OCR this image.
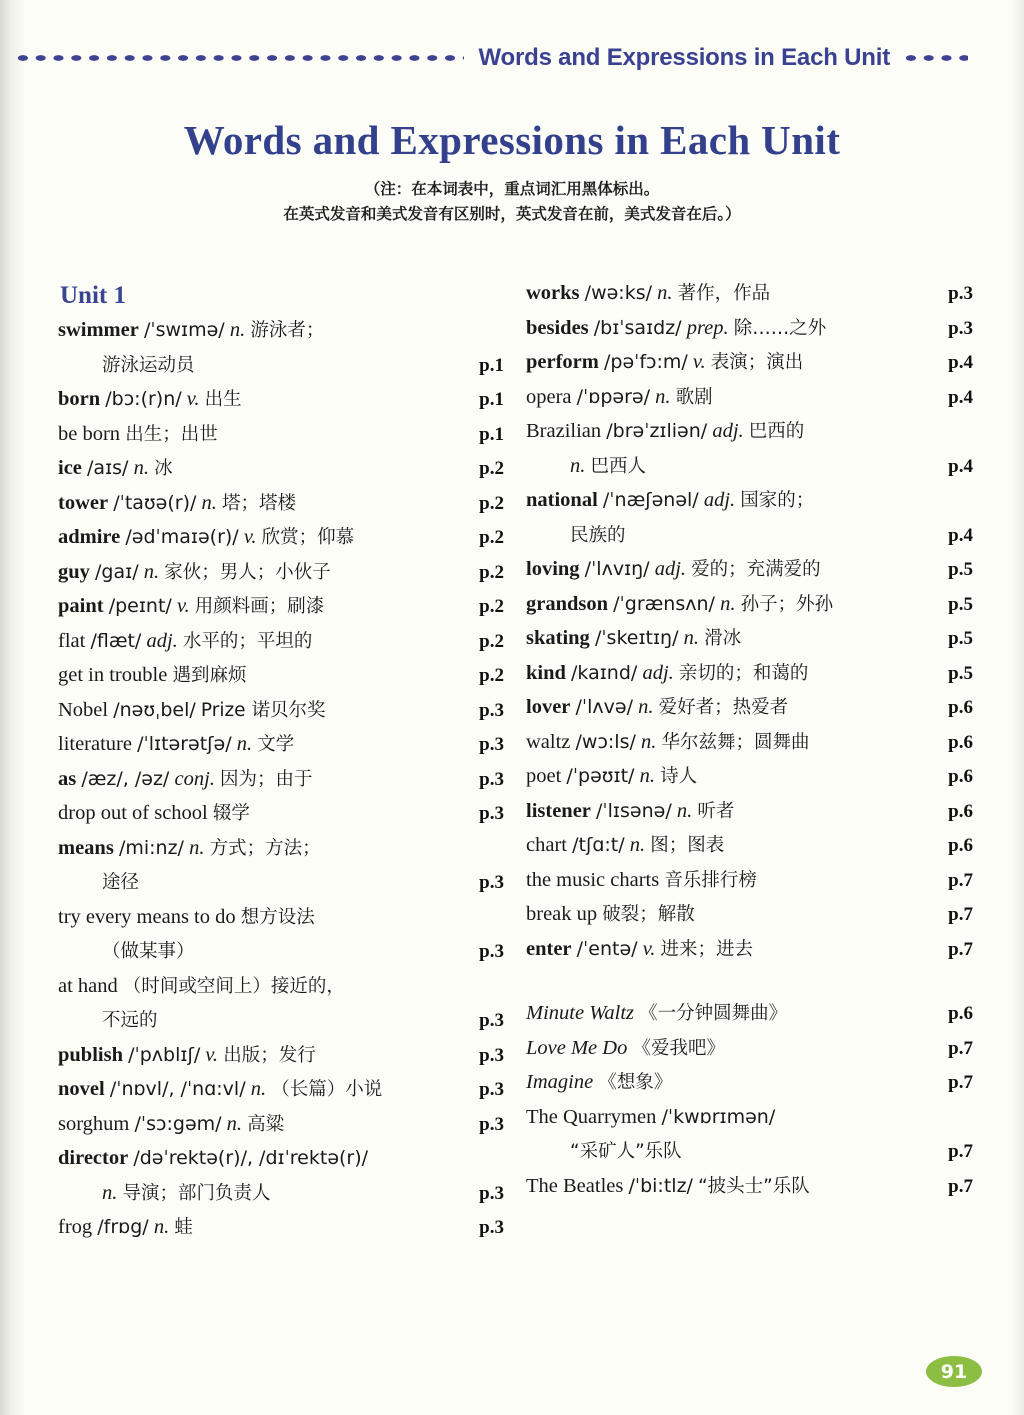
Words and Expressions in Each Unit
Words and Expressions in Each Unit
（注：在本词表中，重点词汇用黑体标出。
在英式发音和美式发音有区别时，英式发音在前，美式发音在后。）
Unit 1
swimmer /ˈswɪmə/ n. 游泳者；
游泳运动员	p.1
born /bɔ:(r)n/ v. 出生	p.1
be born 出生；出世	p.1
ice /aɪs/ n. 冰	p.2
tower /ˈtaʊə(r)/ n. 塔；塔楼	p.2
admire /ədˈmaɪə(r)/ v. 欣赏；仰慕	p.2
guy /gaɪ/ n. 家伙；男人；小伙子	p.2
paint /peɪnt/ v. 用颜料画；刷漆	p.2
flat /flæt/ adj. 水平的；平坦的	p.2
get in trouble 遇到麻烦	p.2
Nobel /nəʊˌbel/ Prize 诺贝尔奖	p.3
literature /ˈlɪtərətʃə/ n. 文学	p.3
as /æz/, /əz/ conj. 因为；由于	p.3
drop out of school 辍学	p.3
means /mi:nz/ n. 方式；方法；
途径	p.3
try every means to do 想方设法
（做某事）	p.3
at hand （时间或空间上）接近的，
不远的	p.3
publish /ˈpʌblɪʃ/ v. 出版；发行	p.3
novel /ˈnɒvl/, /ˈnɑ:vl/ n. （长篇）小说	p.3
sorghum /ˈsɔ:gəm/ n. 高粱	p.3
director /dəˈrektə(r)/, /dɪˈrektə(r)/
n. 导演；部门负责人	p.3
frog /frɒg/ n. 蛙	p.3
works /wə:ks/ n. 著作，作品	p.3
besides /bɪˈsaɪdz/ prep. 除……之外	p.3
perform /pəˈfɔ:m/ v. 表演；演出	p.4
opera /ˈɒpərə/ n. 歌剧	p.4
Brazilian /brəˈzɪliən/ adj. 巴西的
n. 巴西人	p.4
national /ˈnæʃənəl/ adj. 国家的；
民族的	p.4
loving /ˈlʌvɪŋ/ adj. 爱的；充满爱的	p.5
grandson /ˈgrænsʌn/ n. 孙子；外孙	p.5
skating /ˈskeɪtɪŋ/ n. 滑冰	p.5
kind /kaɪnd/ adj. 亲切的；和蔼的	p.5
lover /ˈlʌvə/ n. 爱好者；热爱者	p.6
waltz /wɔ:ls/ n. 华尔兹舞；圆舞曲	p.6
poet /ˈpəʊɪt/ n. 诗人	p.6
listener /ˈlɪsənə/ n. 听者	p.6
chart /tʃɑ:t/ n. 图；图表	p.6
the music charts 音乐排行榜	p.7
break up 破裂；解散	p.7
enter /ˈentə/ v. 进来；进去	p.7
Minute Waltz 《一分钟圆舞曲》	p.6
Love Me Do 《爱我吧》	p.7
Imagine 《想象》	p.7
The Quarrymen /ˈkwɒrɪmən/
“采矿人”乐队	p.7
The Beatles /ˈbi:tlz/ “披头士”乐队	p.7
91
